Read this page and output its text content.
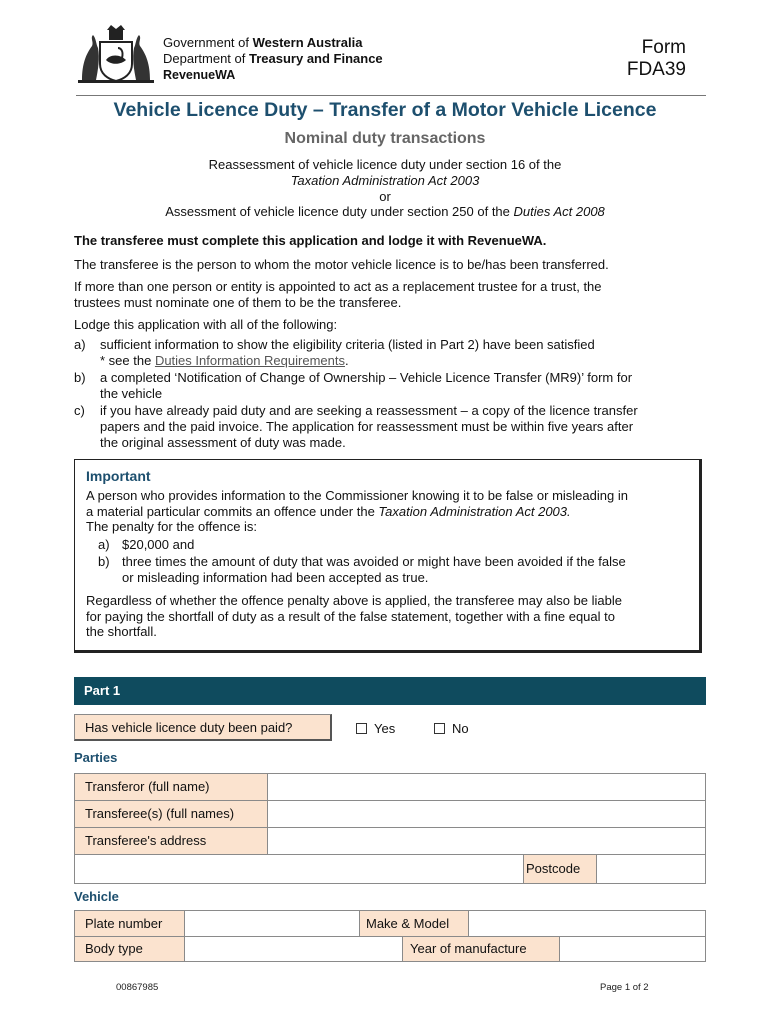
Government of Western Australia
Department of Treasury and Finance
RevenueWA
Form
FDA39
Vehicle Licence Duty – Transfer of a Motor Vehicle Licence
Nominal duty transactions
Reassessment of vehicle licence duty under section 16 of the
Taxation Administration Act 2003
or
Assessment of vehicle licence duty under section 250 of the Duties Act 2008
The transferee must complete this application and lodge it with RevenueWA.
The transferee is the person to whom the motor vehicle licence is to be/has been transferred.
If more than one person or entity is appointed to act as a replacement trustee for a trust, the
trustees must nominate one of them to be the transferee.
Lodge this application with all of the following:
a) sufficient information to show the eligibility criteria (listed in Part 2) have been satisfied
* see the Duties Information Requirements.
b) a completed ‘Notification of Change of Ownership – Vehicle Licence Transfer (MR9)’ form for
the vehicle
c) if you have already paid duty and are seeking a reassessment – a copy of the licence transfer
papers and the paid invoice. The application for reassessment must be within five years after
the original assessment of duty was made.
Important
A person who provides information to the Commissioner knowing it to be false or misleading in
a material particular commits an offence under the Taxation Administration Act 2003.
The penalty for the offence is:
a) $20,000 and
b) three times the amount of duty that was avoided or might have been avoided if the false
or misleading information had been accepted as true.
Regardless of whether the offence penalty above is applied, the transferee may also be liable
for paying the shortfall of duty as a result of the false statement, together with a fine equal to
the shortfall.
Part 1
Has vehicle licence duty been paid?	Yes	No
Parties
Transferor (full name)
Transferee(s) (full names)
Transferee's address
Postcode
Vehicle
Plate number	Make & Model
Body type	Year of manufacture
00867985	Page 1 of 2
